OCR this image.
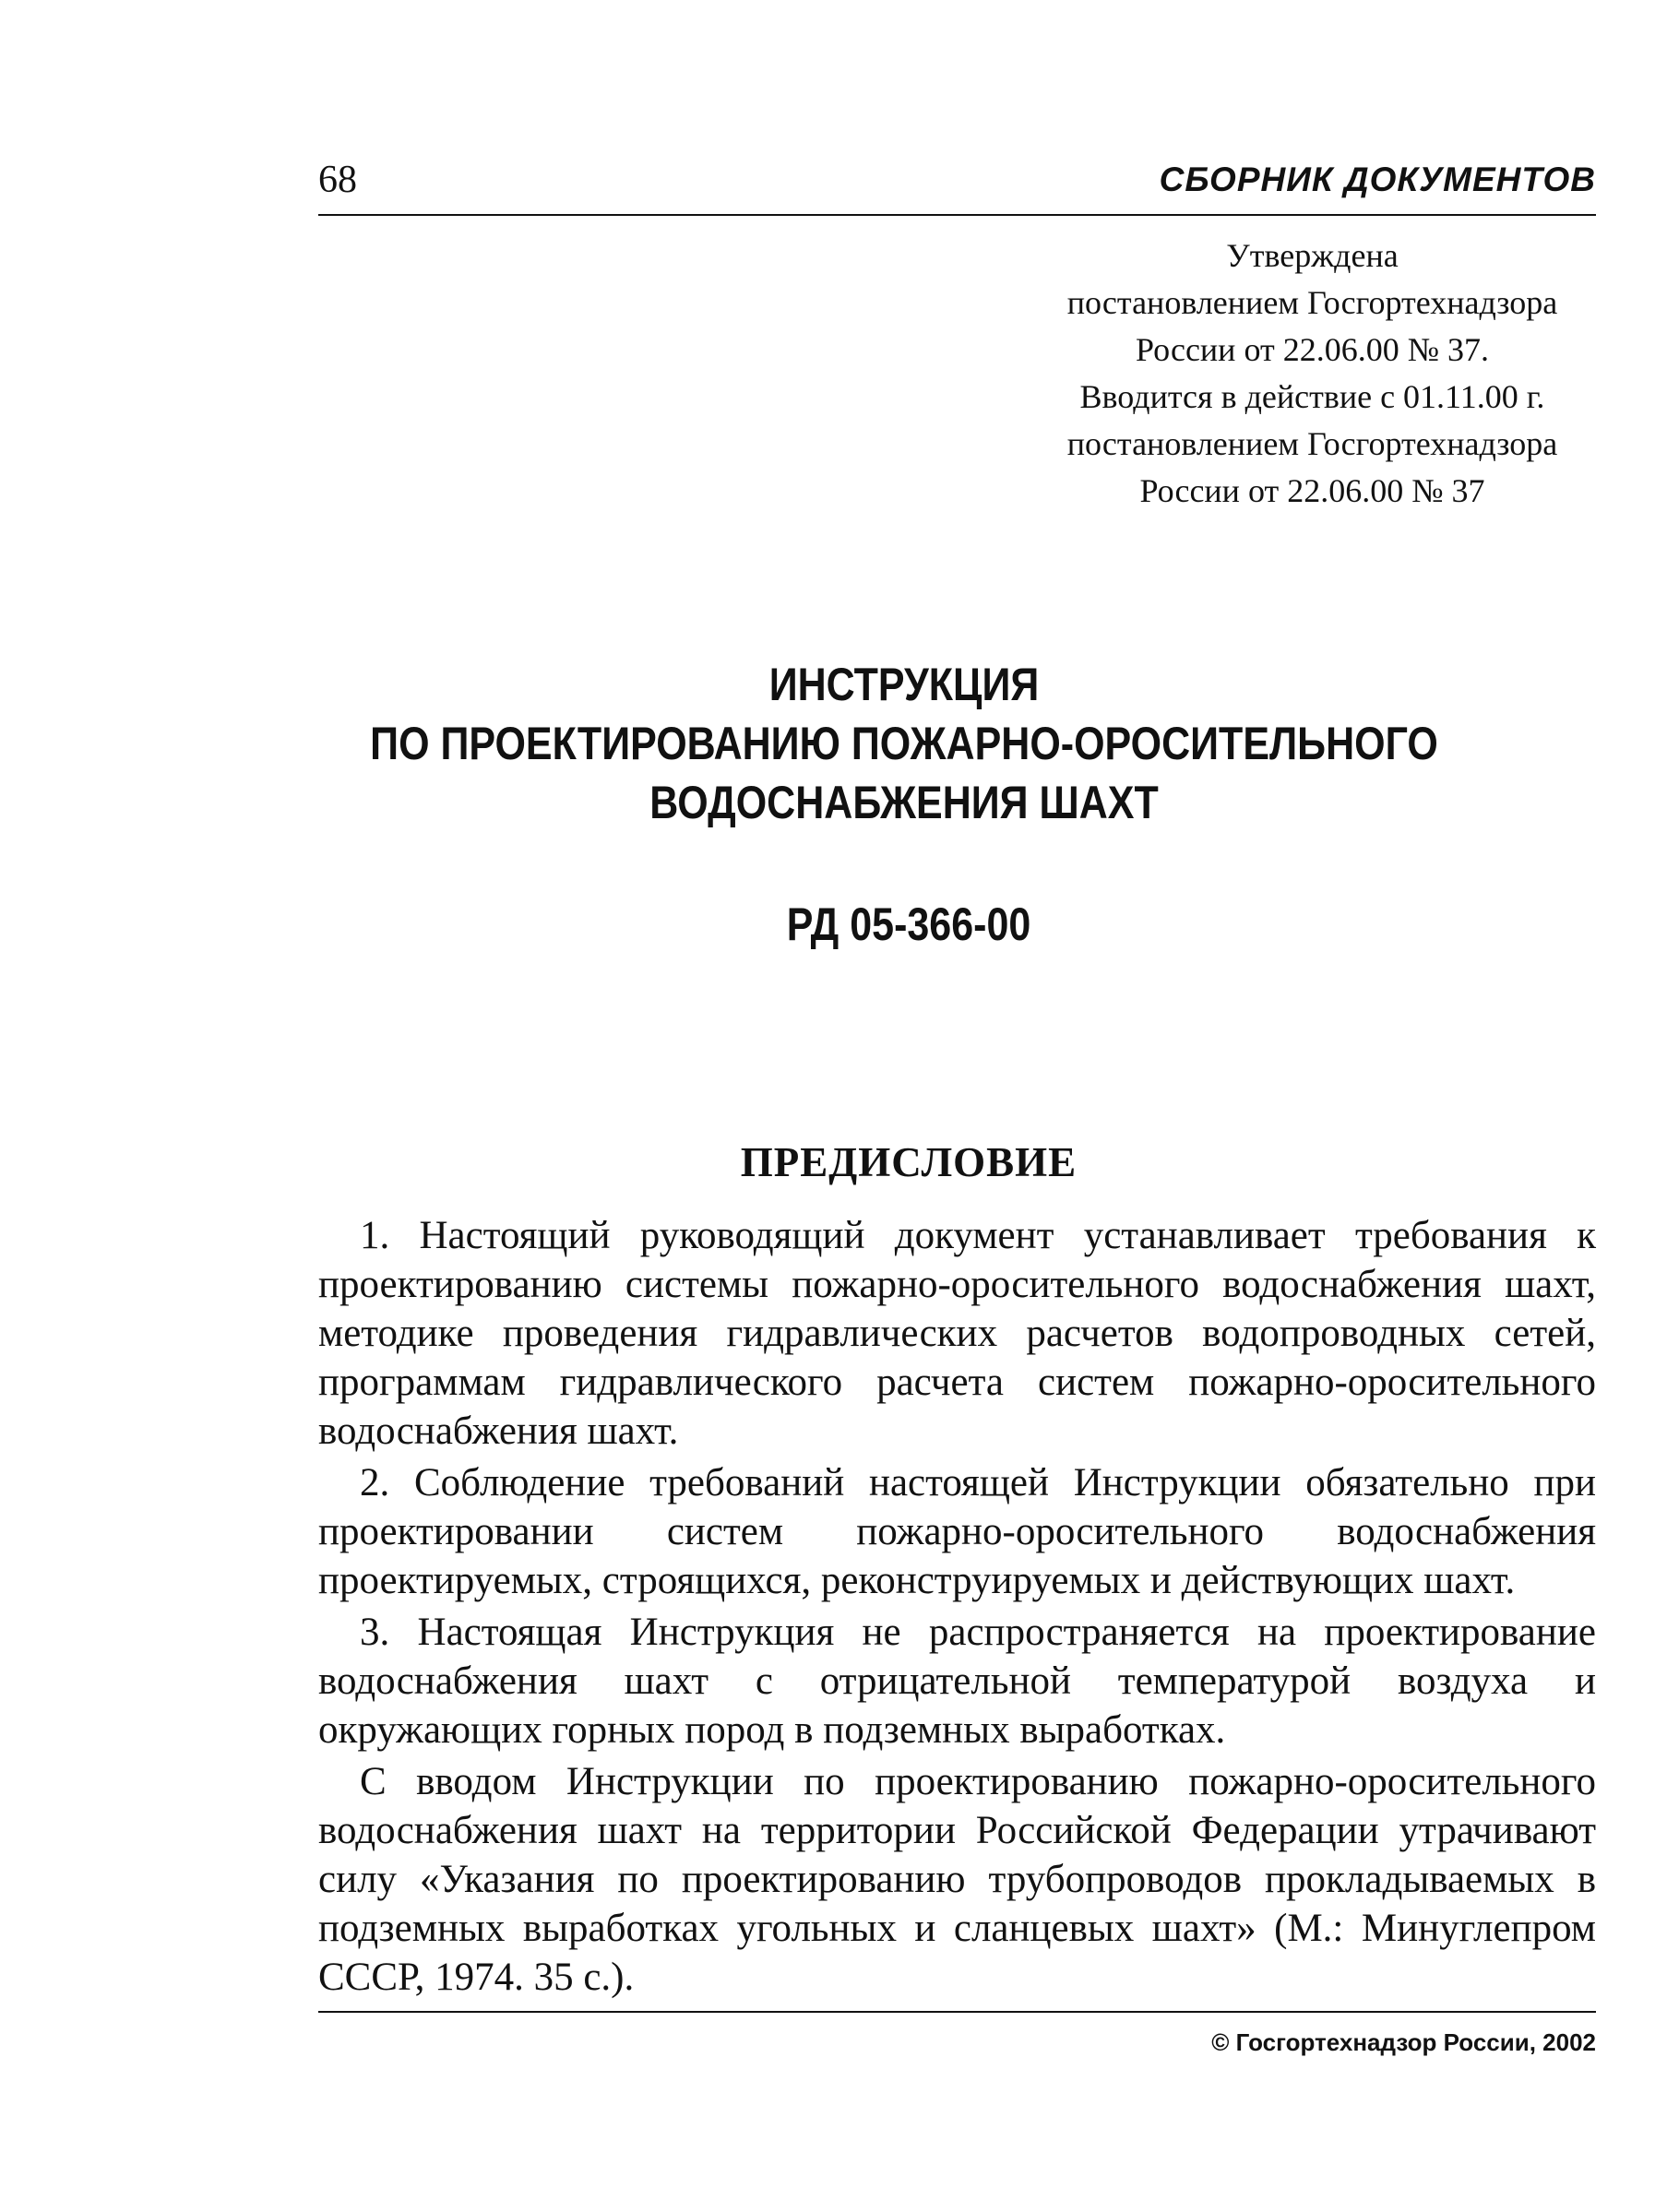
68	СБОРНИК ДОКУМЕНТОВ
Утверждена
постановлением Госгортехнадзора
России от 22.06.00 № 37.
Вводится в действие с 01.11.00 г.
постановлением Госгортехнадзора
России от 22.06.00 № 37
ИНСТРУКЦИЯ
ПО ПРОЕКТИРОВАНИЮ ПОЖАРНО-ОРОСИТЕЛЬНОГО
ВОДОСНАБЖЕНИЯ ШАХТ
РД 05-366-00
ПРЕДИСЛОВИЕ

1. Настоящий руководящий документ устанавливает требования к проектированию системы пожарно-оросительного водоснабжения шахт, методике проведения гидравлических расчетов водопроводных сетей, программам гидравлического расчета систем пожарно-оросительного водоснабжения шахт.

2. Соблюдение требований настоящей Инструкции обязательно при проектировании систем пожарно-оросительного водоснабжения проектируемых, строящихся, реконструируемых и действующих шахт.

3. Настоящая Инструкция не распространяется на проектирование водоснабжения шахт с отрицательной температурой воздуха и окружающих горных пород в подземных выработках.

С вводом Инструкции по проектированию пожарно-оросительного водоснабжения шахт на территории Российской Федерации утрачивают силу «Указания по проектированию трубопроводов прокладываемых в подземных выработках угольных и сланцевых шахт» (М.: Минуглепром СССР, 1974. 35 с.).

© Госгортехнадзор России, 2002
